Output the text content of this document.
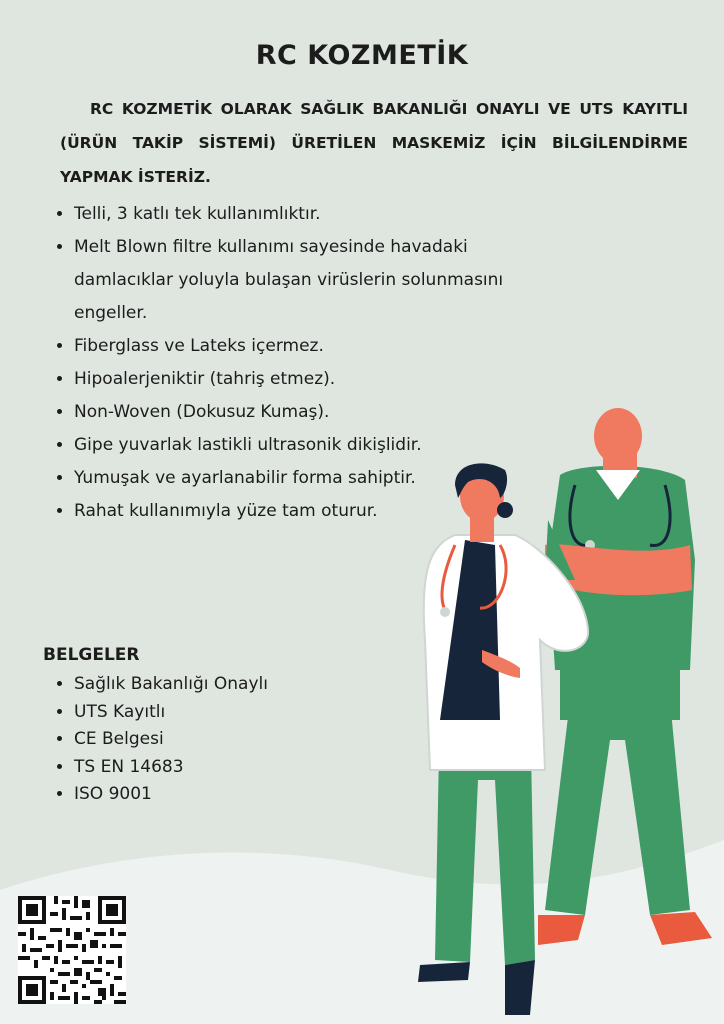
RC KOZMETİK
RC KOZMETİK OLARAK SAĞLIK BAKANLIĞI ONAYLI VE UTS KAYITLI (ÜRÜN TAKİP SİSTEMİ) ÜRETİLEN MASKEMİZ İÇİN BİLGİLENDİRME YAPMAK İSTERİZ.
• Telli, 3 katlı tek kullanımlıktır.
• Melt Blown filtre kullanımı sayesinde havadaki damlacıklar yoluyla bulaşan virüslerin solunmasını engeller.
• Fiberglass ve Lateks içermez.
• Hipoalerjeniktir (tahriş etmez).
• Non-Woven (Dokusuz Kumaş).
• Gipe yuvarlak lastikli ultrasonik dikişlidir.
• Yumuşak ve ayarlanabilir forma sahiptir.
• Rahat kullanımıyla yüze tam oturur.
BELGELER
• Sağlık Bakanlığı Onaylı
• UTS Kayıtlı
• CE Belgesi
• TS EN 14683
• ISO 9001
